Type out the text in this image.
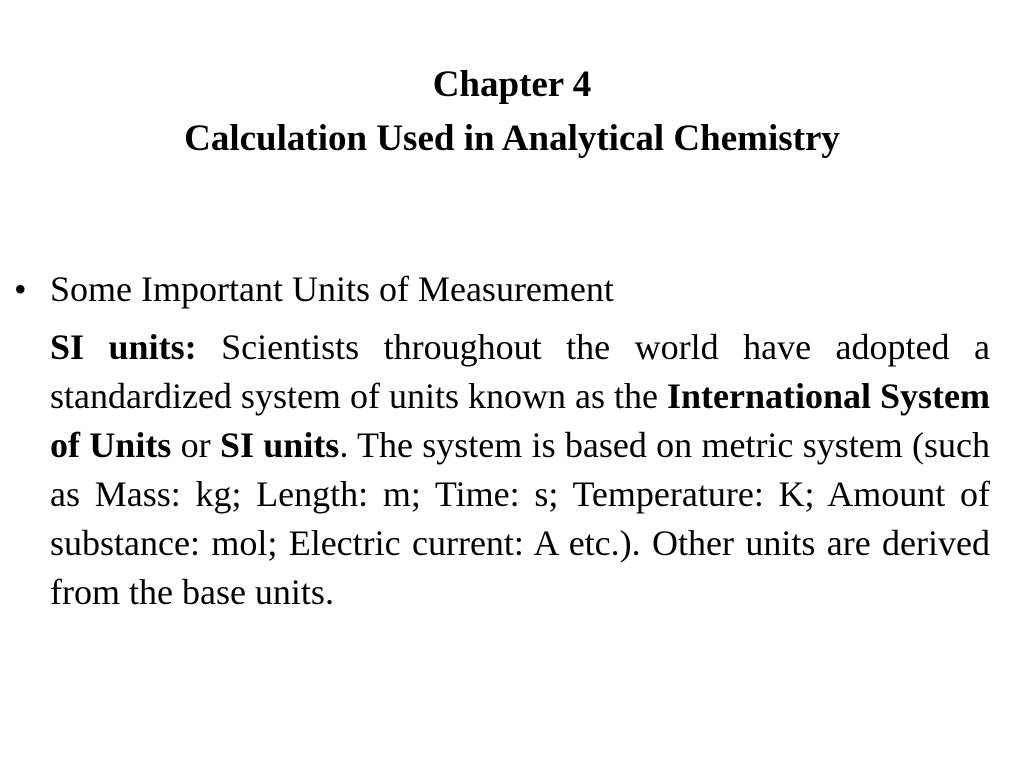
Chapter 4
Calculation Used in Analytical Chemistry
• Some Important Units of Measurement

SI units: Scientists throughout the world have adopted a standardized system of units known as the International System of Units or SI units. The system is based on metric system (such as Mass: kg; Length: m; Time: s; Temperature: K; Amount of substance: mol; Electric current: A etc.). Other units are derived from the base units.
